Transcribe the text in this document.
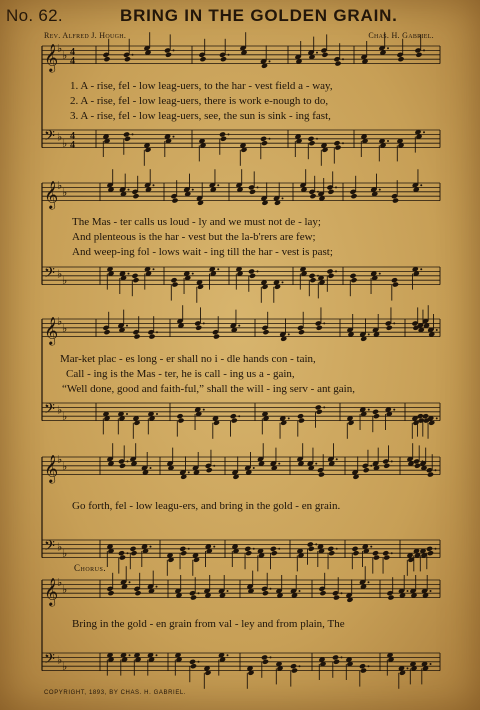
No. 62.	BRING IN THE GOLDEN GRAIN.
Rev. Alfred J. Hough.	Chas. H. Gabriel.
𝄞
♭
♭
𝄢 ♭
♭
4
4
4
4
𝄞
♭
♭
𝄢 ♭
♭
𝄞
♭
♭
𝄢 ♭
♭
𝄞
♭
♭
𝄢 ♭
♭
𝄞
♭
♭
𝄢 ♭
♭
1. A - rise, fel - low leag-uers, to the har - vest field a - way,
2. A - rise, fel - low leag-uers, there is work e-nough to do,
3. A - rise, fel - low leag-uers, see, the sun is sink - ing fast,
The Mas - ter calls us loud - ly and we must not de - lay;
And plenteous is the har - vest but the la-b'rers are few;
And weep-ing fol - lows wait - ing till the har - vest is past;
Mar-ket plac - es long - er shall no i - dle hands con - tain,
Call - ing is the Mas - ter, he is call - ing us a - gain,
“Well done, good and faith-ful,” shall the will - ing serv - ant gain,
Go forth, fel - low leagu-ers, and bring in the gold - en grain.
Chorus.
Bring in the gold - en grain from val - ley and from plain, The
COPYRIGHT, 1893, BY CHAS. H. GABRIEL.
